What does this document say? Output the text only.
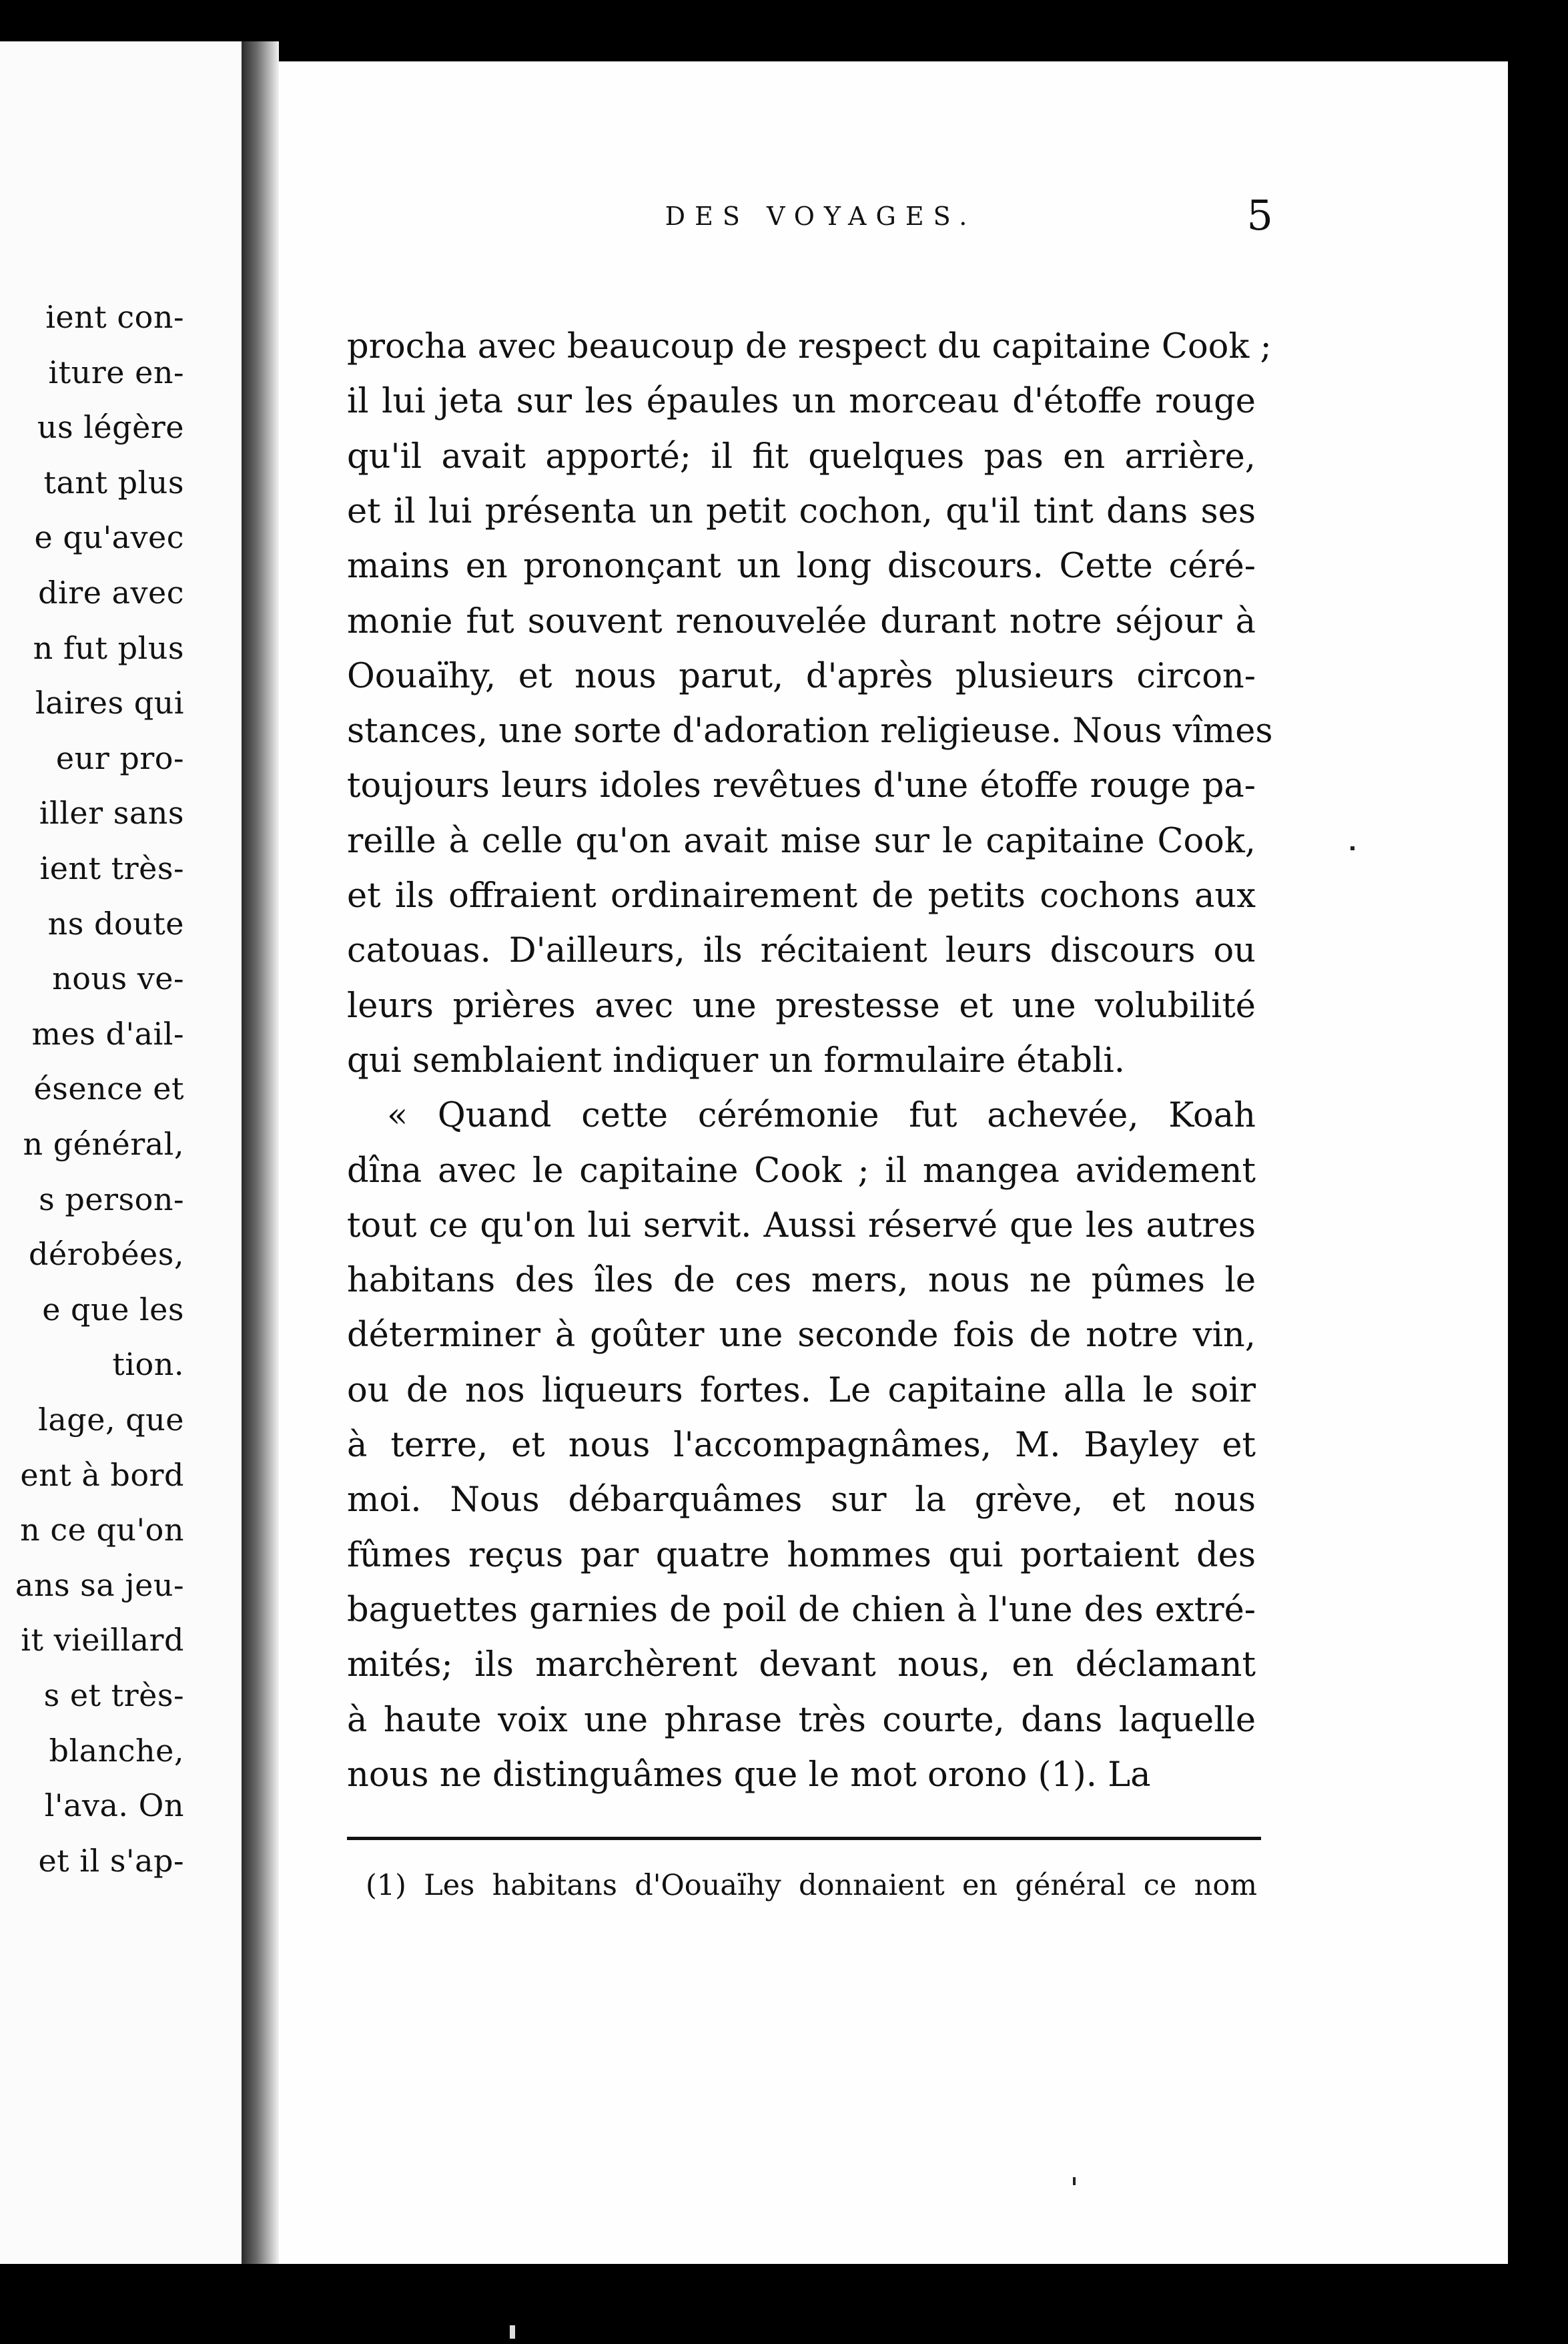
ient con-
iture en-
us légère
tant plus
e qu'avec
dire avec
n fut plus
laires qui
eur pro-
iller sans
ient très-
ns doute
nous ve-
mes d'ail-
ésence et
n général,
s person-
dérobées,
e que les
tion.
lage, que
ent à bord
n ce qu'on
ans sa jeu-
it vieillard
s et très-
blanche,
l'ava. On
et il s'ap-
DES VOYAGES.	5
procha avec beaucoup de respect du capitaine Cook ;
il lui jeta sur les épaules un morceau d'étoffe rouge
qu'il avait apporté; il fit quelques pas en arrière,
et il lui présenta un petit cochon, qu'il tint dans ses
mains en prononçant un long discours. Cette céré-
monie fut souvent renouvelée durant notre séjour à
Oouaïhy, et nous parut, d'après plusieurs circon-
stances, une sorte d'adoration religieuse. Nous vîmes
toujours leurs idoles revêtues d'une étoffe rouge pa-
reille à celle qu'on avait mise sur le capitaine Cook,
et ils offraient ordinairement de petits cochons aux
catouas. D'ailleurs, ils récitaient leurs discours ou
leurs prières avec une prestesse et une volubilité
qui semblaient indiquer un formulaire établi.
« Quand cette cérémonie fut achevée, Koah
dîna avec le capitaine Cook ; il mangea avidement
tout ce qu'on lui servit. Aussi réservé que les autres
habitans des îles de ces mers, nous ne pûmes le
déterminer à goûter une seconde fois de notre vin,
ou de nos liqueurs fortes. Le capitaine alla le soir
à terre, et nous l'accompagnâmes, M. Bayley et
moi. Nous débarquâmes sur la grève, et nous
fûmes reçus par quatre hommes qui portaient des
baguettes garnies de poil de chien à l'une des extré-
mités; ils marchèrent devant nous, en déclamant
à haute voix une phrase très courte, dans laquelle
nous ne distinguâmes que le mot orono (1). La
(1) Les habitans d'Oouaïhy donnaient en général ce nom
